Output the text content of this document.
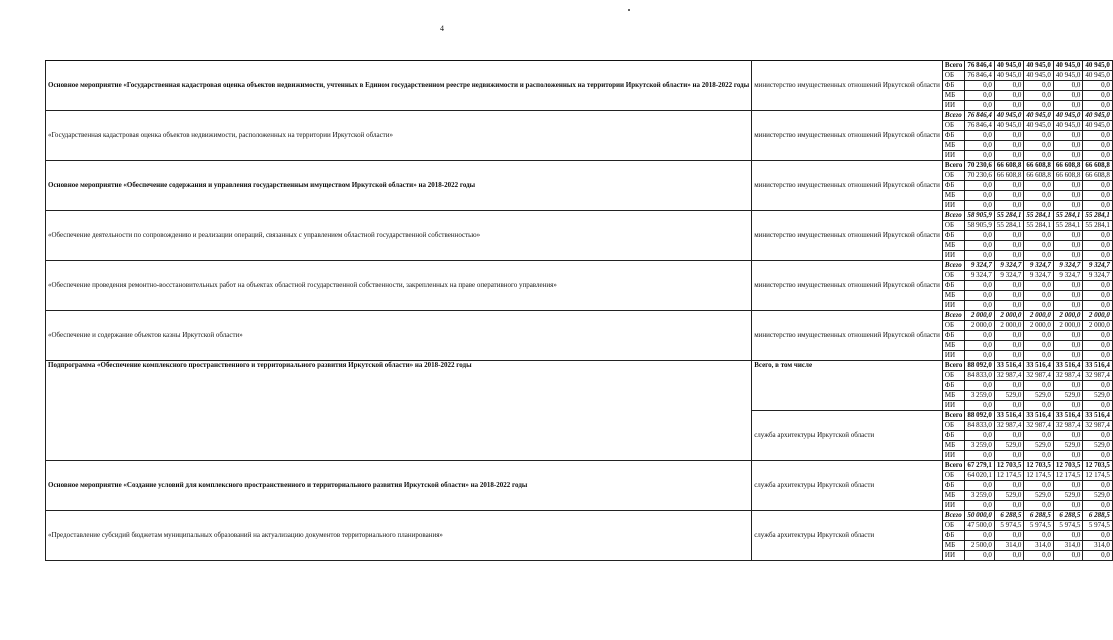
4
Основное мероприятие «Государственная кадастровая оценка объектов недвижимости, учтенных в Едином государственном реестре недвижимости и расположенных на территории Иркутской области» на 2018-2022 годы	министерство имущественных отношений Иркутской области	Всего	76 846,4	40 945,0	40 945,0	40 945,0	40 945,0
		ОБ	76 846,4	40 945,0	40 945,0	40 945,0	40 945,0
		ФБ	0,0	0,0	0,0	0,0	0,0
		МБ	0,0	0,0	0,0	0,0	0,0
		ИИ	0,0	0,0	0,0	0,0	0,0
«Государственная кадастровая оценка объектов недвижимости, расположенных на территории Иркутской области»	министерство имущественных отношений Иркутской области	Всего	76 846,4	40 945,0	40 945,0	40 945,0	40 945,0
		ОБ	76 846,4	40 945,0	40 945,0	40 945,0	40 945,0
		ФБ	0,0	0,0	0,0	0,0	0,0
		МБ	0,0	0,0	0,0	0,0	0,0
		ИИ	0,0	0,0	0,0	0,0	0,0
Основное мероприятие «Обеспечение содержания и управления государственным имуществом Иркутской области» на 2018-2022 годы	министерство имущественных отношений Иркутской области	Всего	70 230,6	66 608,8	66 608,8	66 608,8	66 608,8
		ОБ	70 230,6	66 608,8	66 608,8	66 608,8	66 608,8
		ФБ	0,0	0,0	0,0	0,0	0,0
		МБ	0,0	0,0	0,0	0,0	0,0
		ИИ	0,0	0,0	0,0	0,0	0,0
«Обеспечение деятельности по сопровождению и реализации операций, связанных с управлением областной государственной собственностью»	министерство имущественных отношений Иркутской области	Всего	58 905,9	55 284,1	55 284,1	55 284,1	55 284,1
		ОБ	58 905,9	55 284,1	55 284,1	55 284,1	55 284,1
		ФБ	0,0	0,0	0,0	0,0	0,0
		МБ	0,0	0,0	0,0	0,0	0,0
		ИИ	0,0	0,0	0,0	0,0	0,0
«Обеспечение проведения ремонтно-восстановительных работ на объектах областной государственной собственности, закрепленных на праве оперативного управления»	министерство имущественных отношений Иркутской области	Всего	9 324,7	9 324,7	9 324,7	9 324,7	9 324,7
		ОБ	9 324,7	9 324,7	9 324,7	9 324,7	9 324,7
		ФБ	0,0	0,0	0,0	0,0	0,0
		МБ	0,0	0,0	0,0	0,0	0,0
		ИИ	0,0	0,0	0,0	0,0	0,0
«Обеспечение и содержание объектов казны Иркутской области»	министерство имущественных отношений Иркутской области	Всего	2 000,0	2 000,0	2 000,0	2 000,0	2 000,0
		ОБ	2 000,0	2 000,0	2 000,0	2 000,0	2 000,0
		ФБ	0,0	0,0	0,0	0,0	0,0
		МБ	0,0	0,0	0,0	0,0	0,0
		ИИ	0,0	0,0	0,0	0,0	0,0
Подпрограмма «Обеспечение комплексного пространственного и территориального развития Иркутской области» на 2018-2022 годы	Всего, в том числе	Всего	88 092,0	33 516,4	33 516,4	33 516,4	33 516,4
		ОБ	84 833,0	32 987,4	32 987,4	32 987,4	32 987,4
		ФБ	0,0	0,0	0,0	0,0	0,0
		МБ	3 259,0	529,0	529,0	529,0	529,0
		ИИ	0,0	0,0	0,0	0,0	0,0
	служба архитектуры Иркутской области	Всего	88 092,0	33 516,4	33 516,4	33 516,4	33 516,4
		ОБ	84 833,0	32 987,4	32 987,4	32 987,4	32 987,4
		ФБ	0,0	0,0	0,0	0,0	0,0
		МБ	3 259,0	529,0	529,0	529,0	529,0
		ИИ	0,0	0,0	0,0	0,0	0,0
Основное мероприятие «Создание условий для комплексного пространственного и территориального развития Иркутской области» на 2018-2022 годы	служба архитектуры Иркутской области	Всего	67 279,1	12 703,5	12 703,5	12 703,5	12 703,5
		ОБ	64 020,1	12 174,5	12 174,5	12 174,5	12 174,5
		ФБ	0,0	0,0	0,0	0,0	0,0
		МБ	3 259,0	529,0	529,0	529,0	529,0
		ИИ	0,0	0,0	0,0	0,0	0,0
«Предоставление субсидий бюджетам муниципальных образований на актуализацию документов территориального планирования»	служба архитектуры Иркутской области	Всего	50 000,0	6 288,5	6 288,5	6 288,5	6 288,5
		ОБ	47 500,0	5 974,5	5 974,5	5 974,5	5 974,5
		ФБ	0,0	0,0	0,0	0,0	0,0
		МБ	2 500,0	314,0	314,0	314,0	314,0
		ИИ	0,0	0,0	0,0	0,0	0,0
